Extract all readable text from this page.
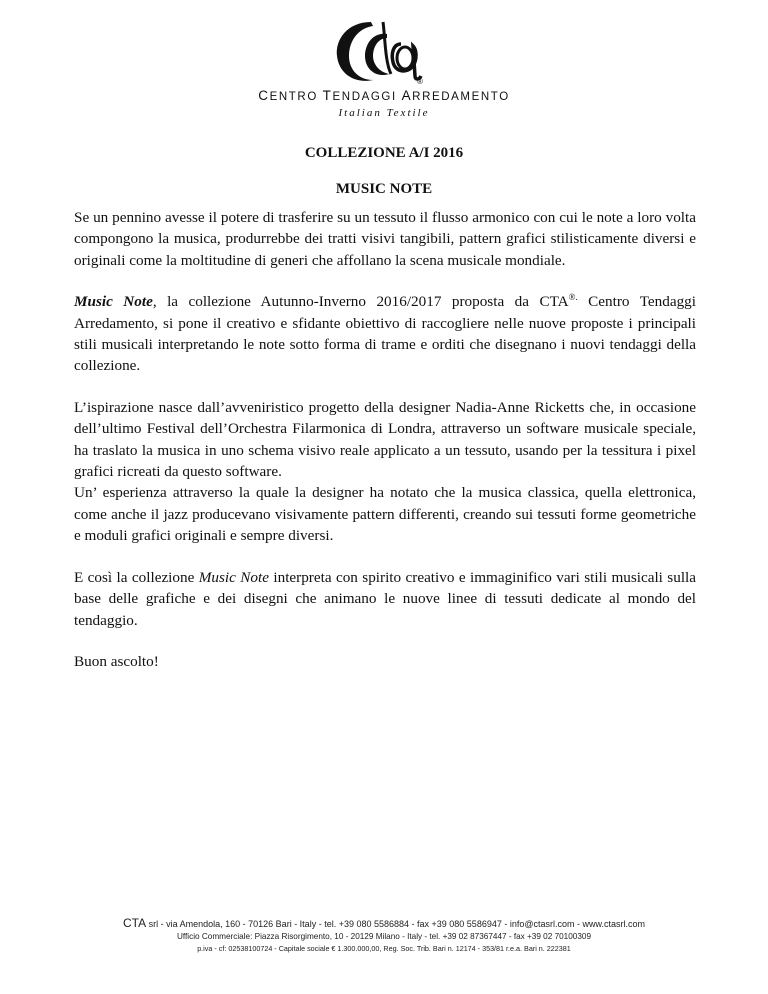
®
CENTRO TENDAGGI ARREDAMENTO
Italian Textile
COLLEZIONE A/I 2016
MUSIC NOTE

Se un pennino avesse il potere di trasferire su un tessuto il flusso armonico con cui le note a loro volta compongono la musica, produrrebbe dei tratti visivi tangibili, pattern grafici stilisticamente diversi e originali come la moltitudine di generi che affollano la scena musicale mondiale.

Music Note, la collezione Autunno-Inverno 2016/2017 proposta da CTA®. Centro Tendaggi Arredamento, si pone il creativo e sfidante obiettivo di raccogliere nelle nuove proposte i principali stili musicali interpretando le note sotto forma di trame e orditi che disegnano i nuovi tendaggi della collezione.

L’ispirazione nasce dall’avveniristico progetto della designer Nadia-Anne Ricketts che, in occasione dell’ultimo Festival dell’Orchestra Filarmonica di Londra, attraverso un software musicale speciale, ha traslato la musica in uno schema visivo reale applicato a un tessuto, usando per la tessitura i pixel grafici ricreati da questo software.

Un’ esperienza attraverso la quale la designer ha notato che la musica classica, quella elettronica, come anche il jazz producevano visivamente pattern differenti, creando sui tessuti forme geometriche e moduli grafici originali e sempre diversi.

E così la collezione Music Note interpreta con spirito creativo e immaginifico vari stili musicali sulla base delle grafiche e dei disegni che animano le nuove linee di tessuti dedicate al mondo del tendaggio.

Buon ascolto!

CTA srl - via Amendola, 160 - 70126 Bari - Italy - tel. +39 080 5586884 - fax +39 080 5586947 - info@ctasrl.com - www.ctasrl.com
Ufficio Commerciale: Piazza Risorgimento, 10 - 20129 Milano - Italy - tel. +39 02 87367447 - fax +39 02 70100309
p.iva - cf: 02538100724 - Capitale sociale € 1.300.000,00, Reg. Soc. Trib. Bari n. 12174 - 353/81 r.e.a. Bari n. 222381
